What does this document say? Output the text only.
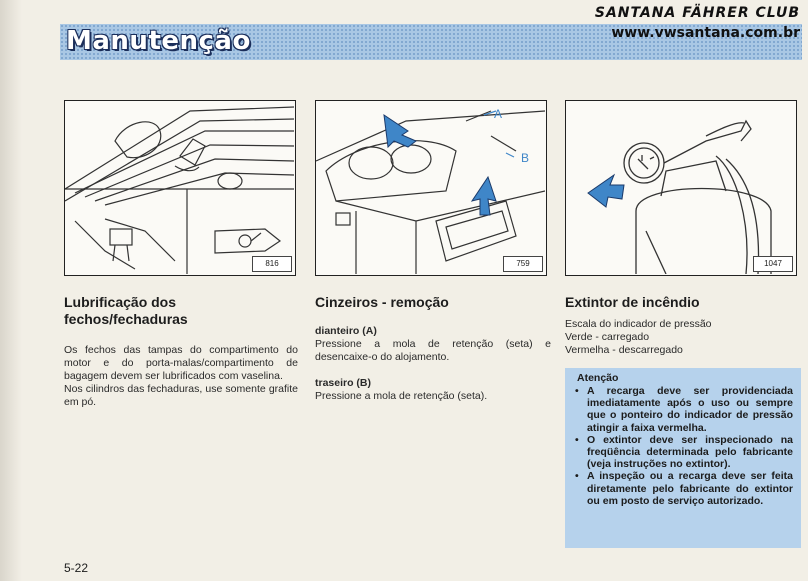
Manutenção
SANTANA FÄHRER CLUB
www.vwsantana.com.br
816
A
B
759	1047
Lubrificação dos
fechos/fechaduras
Os fechos das tampas do compartimento do motor e do porta-malas/compartimento de bagagem devem ser lubrificados com vaselina.
Nos cilindros das fechaduras, use somente grafite em pó.
Cinzeiros - remoção
dianteiro (A)
Pressione a mola de retenção (seta) e desencaixe-o do alojamento.
traseiro (B)
Pressione a mola de retenção (seta).
Extintor de incêndio
Escala do indicador de pressão
Verde - carregado
Vermelha - descarregado
Atenção
• A recarga deve ser providenciada imediatamente após o uso ou sempre que o ponteiro do indicador de pressão atingir a faixa vermelha.
• O extintor deve ser inspecionado na freqüência determinada pelo fabricante (veja instruções no extintor).
• A inspeção ou a recarga deve ser feita diretamente pelo fabricante do extintor ou em posto de serviço autorizado.
5-22
